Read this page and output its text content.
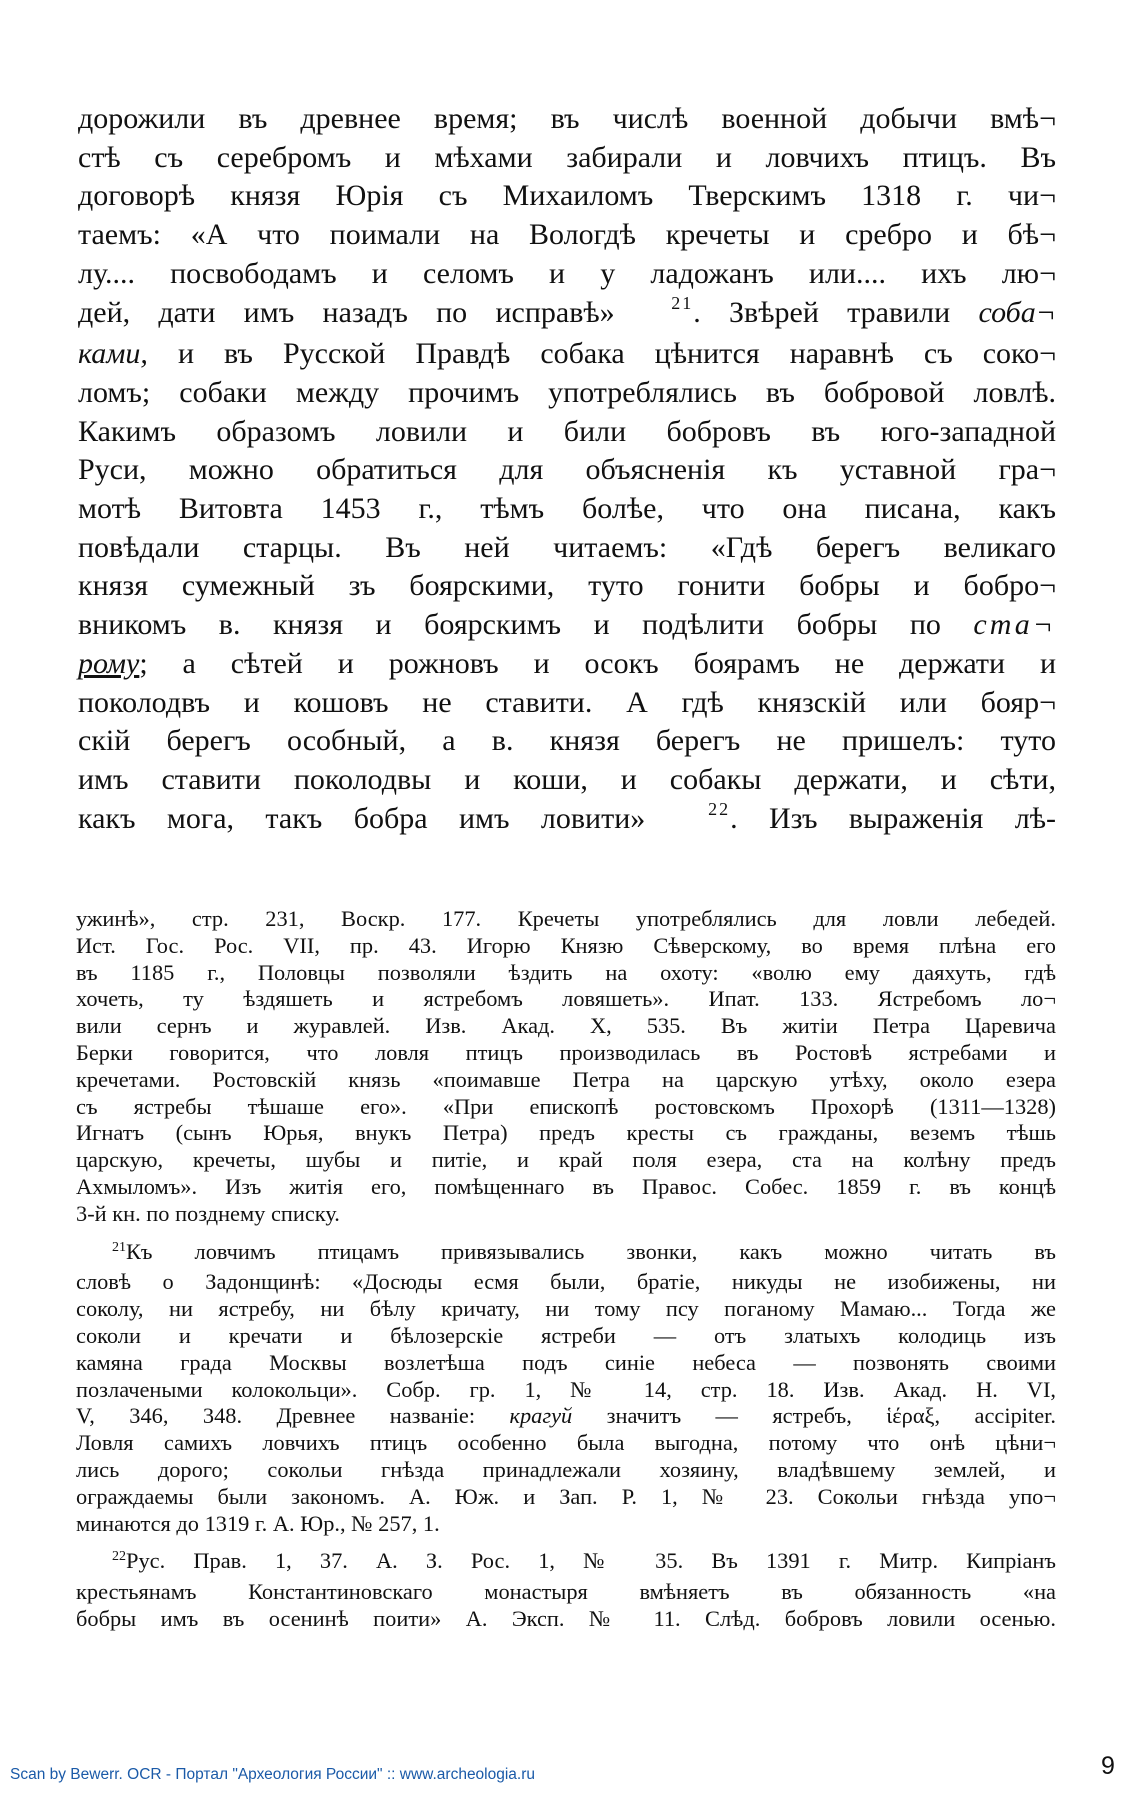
дорожили въ древнее время; въ числѣ военной добычи вмѣ¬
стѣ съ серебромъ и мѣхами забирали и ловчихъ птицъ. Въ
договорѣ князя Юрія съ Михаиломъ Тверскимъ 1318 г. чи¬
таемъ: «А что поимали на Вологдѣ кречеты и сребро и бѣ¬
лу.... посвободамъ и селомъ и у ладожанъ или.... ихъ лю¬
дей, дати имъ назадъ по исправѣ»	$^{21}$. Звѣрей травили соба¬
ками, и въ Русской Правдѣ собака цѣнится наравнѣ съ соко¬
ломъ; собаки между прочимъ употреблялись въ бобровой ловлѣ.
Какимъ образомъ ловили и били бобровъ въ юго-западной
Руси, можно обратиться для объясненія къ уставной гра¬
мотѣ Витовта 1453 г., тѣмъ болѣе, что она писана, какъ
повѣдали старцы. Въ ней читаемъ: «Гдѣ берегъ великаго
князя сумежный зъ боярскими, туто гонити бобры и бобро¬
вникомъ в. князя и боярскимъ и подѣлити бобры по ста¬
рому; а сѣтей и рожновъ и осокъ боярамъ не держати и
поколодвъ и кошовъ не ставити. А гдѣ князскій или бояр¬
скій берегъ особный, а в. князя берегъ не пришелъ: туто
имъ ставити поколодвы и коши, и собакы держати, и сѣти,
какъ мога, такъ бобра имъ ловити»	$^{22}$. Изъ выраженія лѣ-
ужинѣ», стр. 231, Воскр. 177. Кречеты употреблялись для ловли лебедей.
Ист. Гос. Рос. VII, пр. 43. Игорю Князю Сѣверскому, во время плѣна его
въ 1185 г., Половцы позволяли ѣздить на охоту: «волю ему даяхуть, гдѣ
хочеть, ту ѣздяшеть и ястребомъ ловяшеть». Ипат. 133. Ястребомъ ло¬
вили сернъ и журавлей. Изв. Акад. X, 535. Въ житіи Петра Царевича
Берки говорится, что ловля птицъ производилась въ Ростовѣ ястребами и
кречетами. Ростовскій князь «поимавше Петра на царскую утѣху, около езера
съ ястребы тѣшаше его». «При епископѣ ростовскомъ Прохорѣ (1311—1328)
Игнатъ (сынъ Юрья, внукъ Петра) предъ кресты съ гражданы, веземъ тѣшь
царскую, кречеты, шубы и питіе, и край поля езера, ста на колѣну предъ
Ахмыломъ». Изъ житія его, помѣщеннаго въ Правос. Собес. 1859 г. въ концѣ
3-й кн. по позднему списку.
$^{21}$Къ ловчимъ птицамъ привязывались звонки, какъ можно читать въ
словѣ о Задонщинѣ: «Досюды есмя были, братіе, никуды не изобижены, ни
соколу, ни ястребу, ни бѣлу кричату, ни тому псу поганому Мамаю... Тогда же
соколи и кречати и бѣлозерскіе ястреби — отъ златыхъ колодиць изъ
камяна града Москвы возлетѣша подъ синіе небеса — позвонять своими
позлачеными колокольци». Собр. гр. 1, № 14, стр. 18. Изв. Акад. Н. VI,
V, 346, 348. Древнее названіе: крагуй значитъ — ястребъ, ἱέραξ, accipiter.
Ловля самихъ ловчихъ птицъ особенно была выгодна, потому что онѣ цѣни¬
лись дорого; сокольи гнѣзда принадлежали хозяину, владѣвшему землей, и
ограждаемы были закономъ. А. Юж. и Зап. Р. 1, № 23. Сокольи гнѣзда упо¬
минаются до 1319 г. А. Юр., № 257, 1.
$^{22}$Рус. Прав. 1, 37. А. З. Рос. 1, № 35. Въ 1391 г. Митр. Кипріанъ
крестьянамъ Константиновскаго монастыря вмѣняетъ въ обязанность «на
бобры имъ въ осенинѣ поити» А. Эксп. № 11. Слѣд. бобровъ ловили осенью.
Scan by Bewerr. OCR - Портал "Археология России" :: www.archeologia.ru	9
